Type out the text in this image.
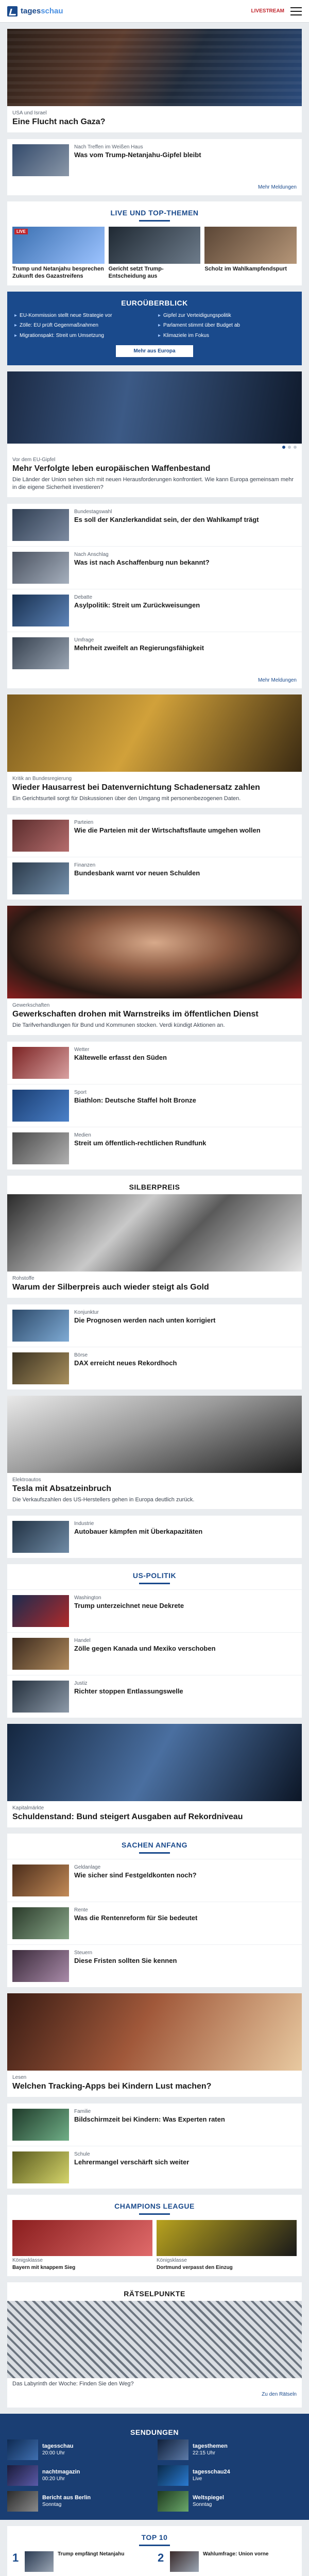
tagesschau	LIVESTREAM
USA und Israel
Eine Flucht nach Gaza?
Nach Treffen im Weißen Haus
Was vom Trump-Netanjahu-Gipfel bleibt
Mehr Meldungen
LIVE UND TOP-THEMEN
LIVE
Trump und Netanjahu besprechen Zukunft des Gazastreifens
Gericht setzt Trump-Entscheidung aus
Scholz im Wahlkampfendspurt
EUROÜBERBLICK
▸ EU-Kommission stellt neue Strategie vor	▸ Gipfel zur Verteidigungspolitik
▸ Zölle: EU prüft Gegenmaßnahmen	▸ Parlament stimmt über Budget ab
▸ Migrationspakt: Streit um Umsetzung	▸ Klimaziele im Fokus
Mehr aus Europa
Vor dem EU-Gipfel
Mehr Verfolgte leben europäischen Waffenbestand
Die Länder der Union sehen sich mit neuen Herausforderungen konfrontiert. Wie kann Europa gemeinsam mehr in die eigene Sicherheit investieren?
Bundestagswahl
Es soll der Kanzlerkandidat sein, der den Wahlkampf trägt
Nach Anschlag
Was ist nach Aschaffenburg nun bekannt?
Debatte
Asylpolitik: Streit um Zurückweisungen
Umfrage
Mehrheit zweifelt an Regierungsfähigkeit
Mehr Meldungen
Kritik an Bundesregierung
Wieder Hausarrest bei Datenvernichtung Schadenersatz zahlen
Ein Gerichtsurteil sorgt für Diskussionen über den Umgang mit personenbezogenen Daten.
Parteien
Wie die Parteien mit der Wirtschaftsflaute umgehen wollen
Finanzen
Bundesbank warnt vor neuen Schulden
Gewerkschaften
Gewerkschaften drohen mit Warnstreiks im öffentlichen Dienst
Die Tarifverhandlungen für Bund und Kommunen stocken. Verdi kündigt Aktionen an.
Wetter
Kältewelle erfasst den Süden
Sport
Biathlon: Deutsche Staffel holt Bronze
Medien
Streit um öffentlich-rechtlichen Rundfunk
SILBERPREIS
Rohstoffe
Warum der Silberpreis auch wieder steigt als Gold
Konjunktur
Die Prognosen werden nach unten korrigiert
Börse
DAX erreicht neues Rekordhoch
Elektroautos
Tesla mit Absatzeinbruch
Die Verkaufszahlen des US-Herstellers gehen in Europa deutlich zurück.
Industrie
Autobauer kämpfen mit Überkapazitäten
US-POLITIK
Washington
Trump unterzeichnet neue Dekrete
Handel
Zölle gegen Kanada und Mexiko verschoben
Justiz
Richter stoppen Entlassungswelle
Kapitalmärkte
Schuldenstand: Bund steigert Ausgaben auf Rekordniveau
SACHEN ANFANG
Geldanlage
Wie sicher sind Festgeldkonten noch?
Rente
Was die Rentenreform für Sie bedeutet
Steuern
Diese Fristen sollten Sie kennen
Lesen
Welchen Tracking-Apps bei Kindern Lust machen?
Familie
Bildschirmzeit bei Kindern: Was Experten raten
Schule
Lehrermangel verschärft sich weiter
CHAMPIONS LEAGUE
Königsklasse
Bayern mit knappem Sieg
Königsklasse
Dortmund verpasst den Einzug
RÄTSELPUNKTE
Das Labyrinth der Woche: Finden Sie den Weg?
Zu den Rätseln
SENDUNGEN
tagesschau
20:00 Uhr
tagesthemen
22:15 Uhr
nachtmagazin
00:20 Uhr
tagesschau24
Live
Bericht aus Berlin
Sonntag
Weltspiegel
Sonntag
TOP 10
1	Trump empfängt Netanjahu	2	Wahlumfrage: Union vorne
